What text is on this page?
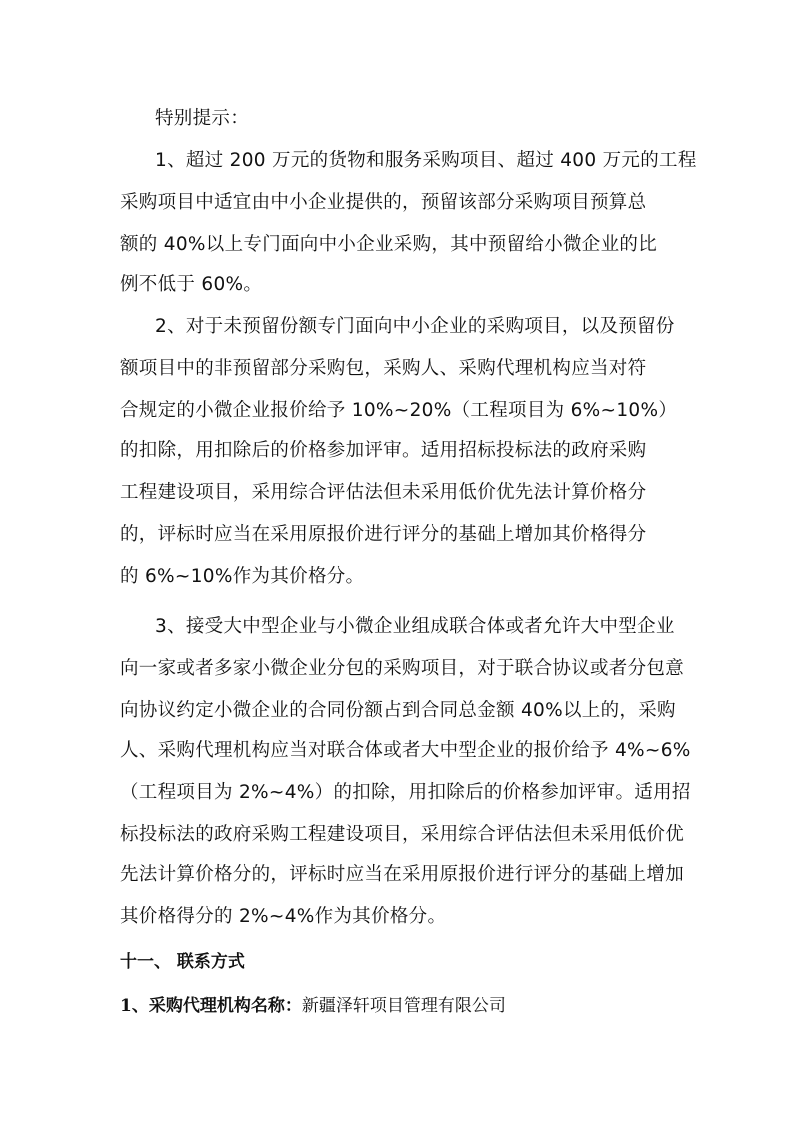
特别提示：

1、超过 200 万元的货物和服务采购项目、超过 400 万元的工程

采购项目中适宜由中小企业提供的，预留该部分采购项目预算总

额的 40%以上专门面向中小企业采购，其中预留给小微企业的比

例不低于 60%。

2、对于未预留份额专门面向中小企业的采购项目，以及预留份

额项目中的非预留部分采购包，采购人、采购代理机构应当对符

合规定的小微企业报价给予 10%~20%（工程项目为 6%~10%）

的扣除，用扣除后的价格参加评审。适用招标投标法的政府采购

工程建设项目，采用综合评估法但未采用低价优先法计算价格分

的，评标时应当在采用原报价进行评分的基础上增加其价格得分

的 6%~10%作为其价格分。

3、接受大中型企业与小微企业组成联合体或者允许大中型企业

向一家或者多家小微企业分包的采购项目，对于联合协议或者分包意

向协议约定小微企业的合同份额占到合同总金额 40%以上的，采购

人、采购代理机构应当对联合体或者大中型企业的报价给予 4%~6%

（工程项目为 2%~4%）的扣除，用扣除后的价格参加评审。适用招

标投标法的政府采购工程建设项目，采用综合评估法但未采用低价优

先法计算价格分的，评标时应当在采用原报价进行评分的基础上增加

其价格得分的 2%~4%作为其价格分。

十一、 联系方式

1、采购代理机构名称：新疆泽轩项目管理有限公司
